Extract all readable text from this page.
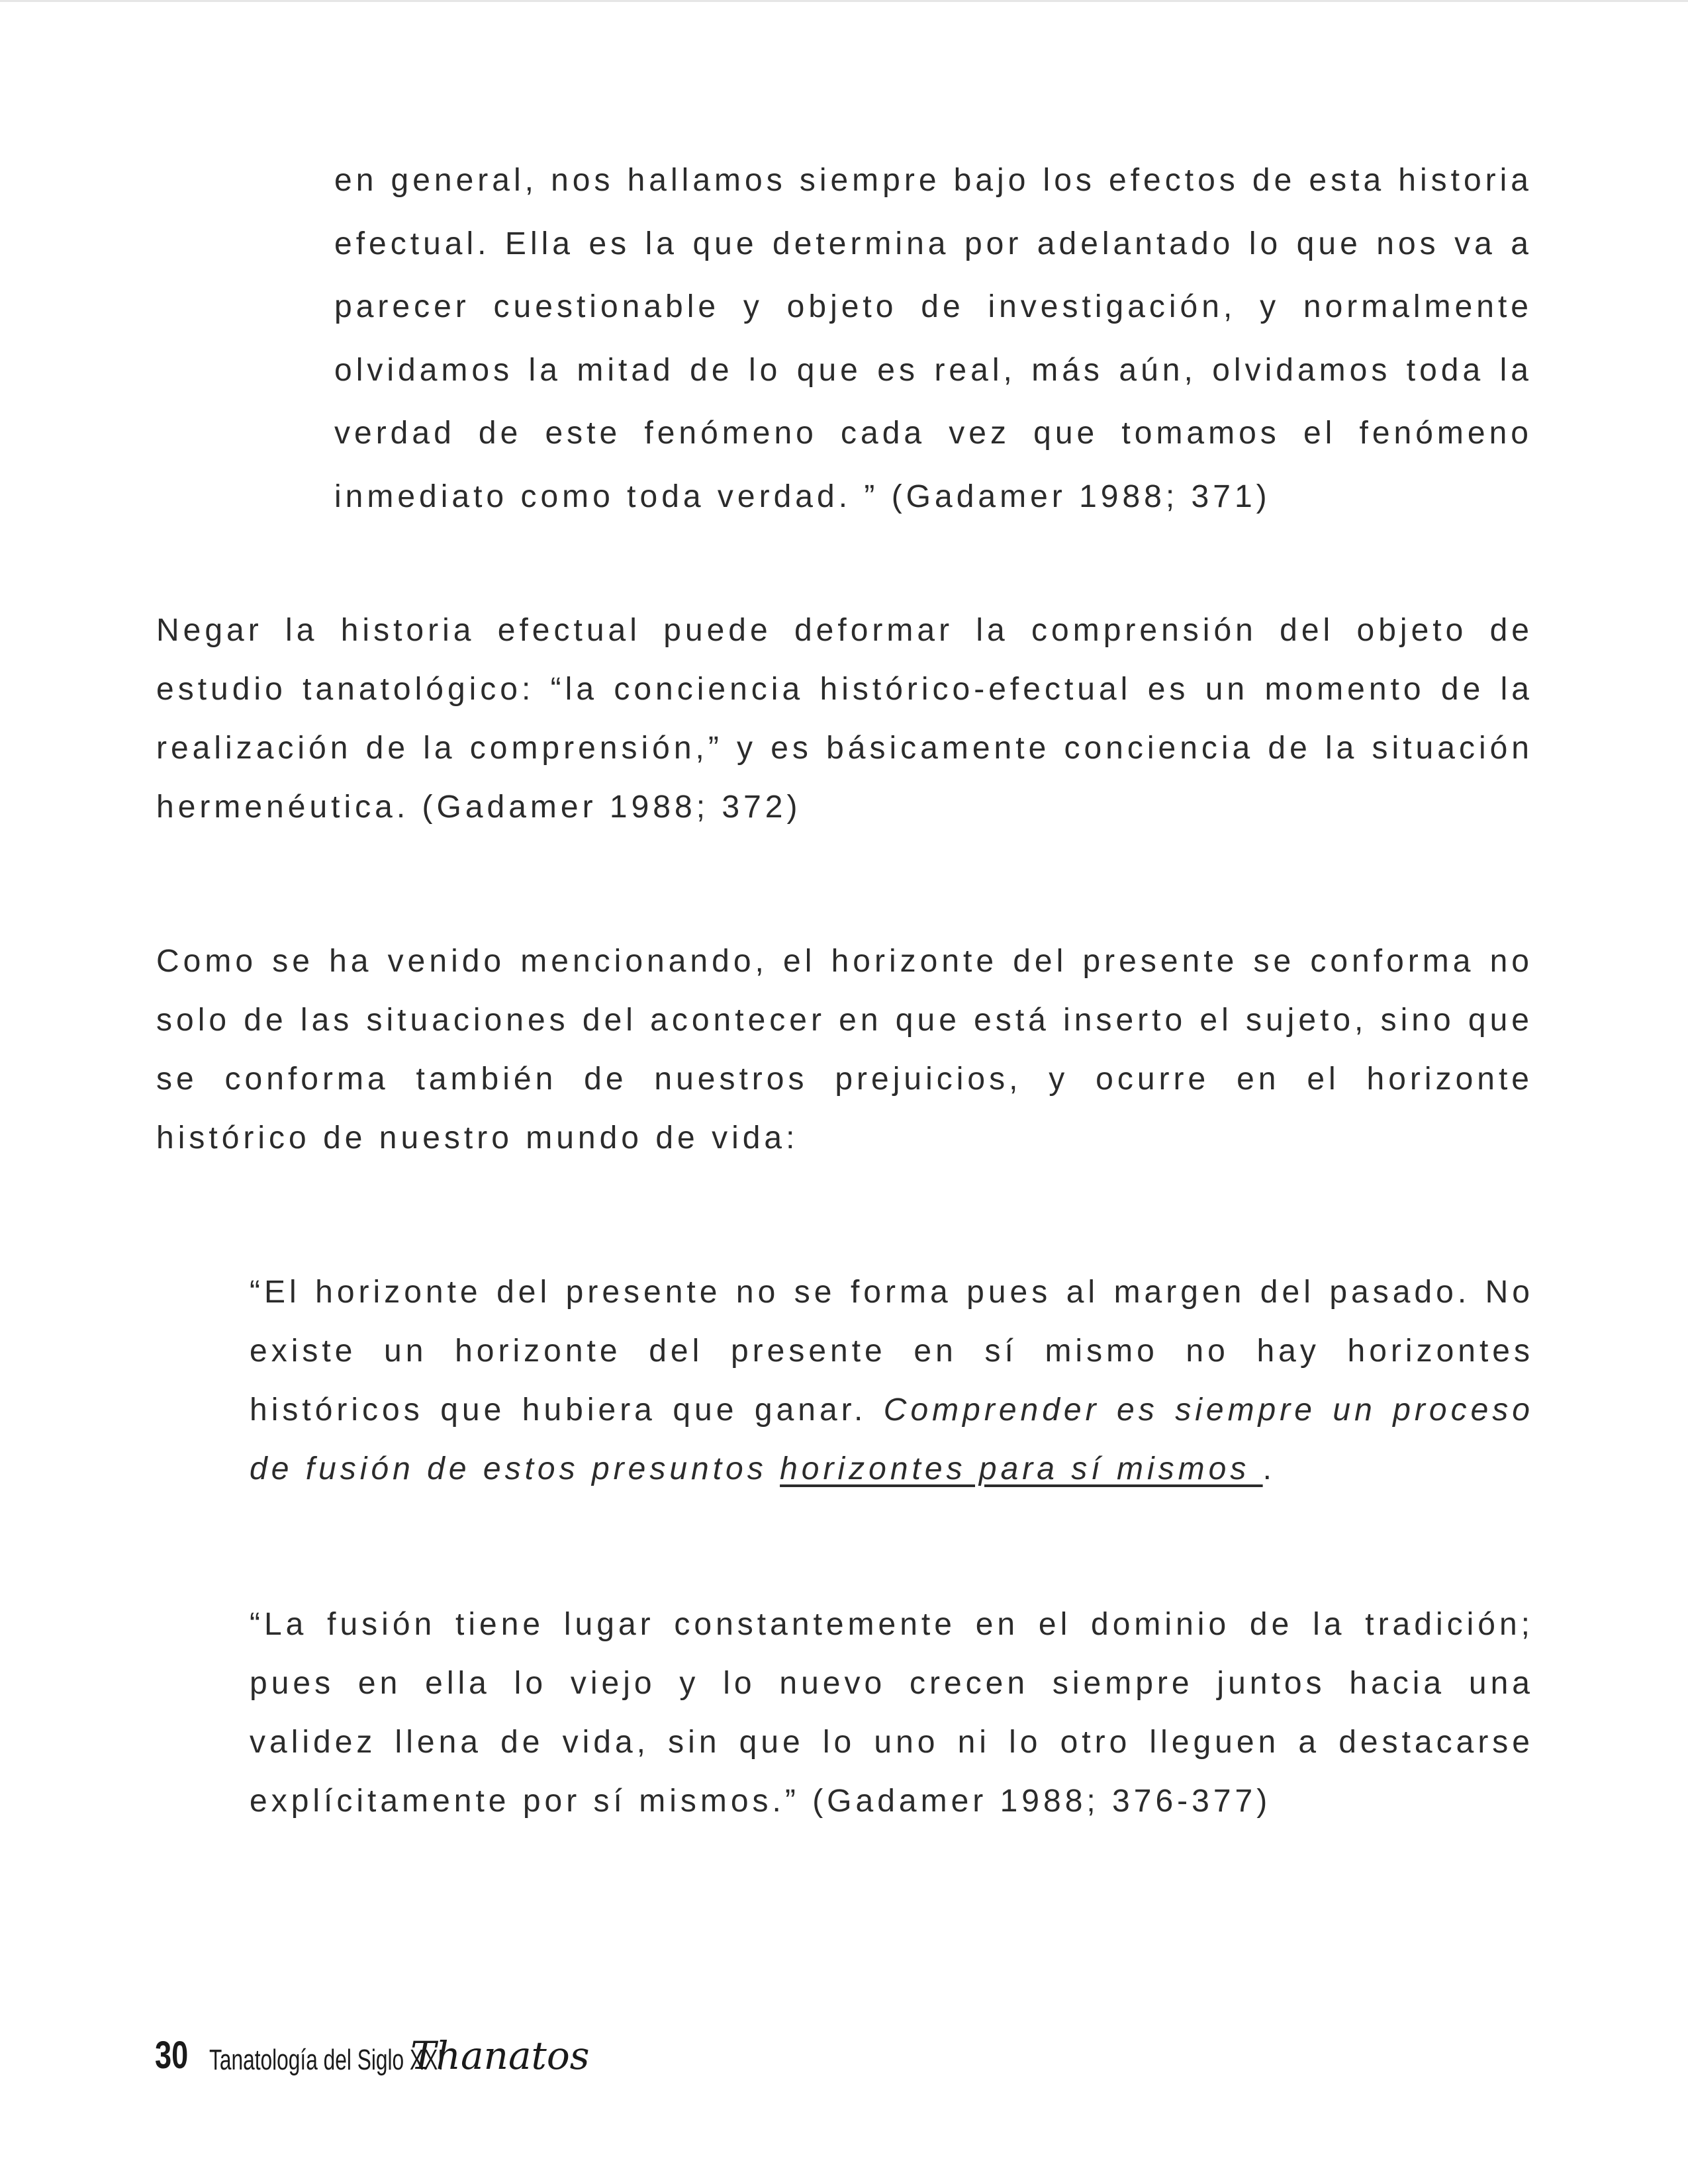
en general, nos hallamos siempre bajo los efectos de esta historia efectual. Ella es la que determina por adelantado lo que nos va a parecer cuestionable y objeto de investigación, y normalmente olvidamos la mitad de lo que es real, más aún, olvidamos toda la verdad de este fenómeno cada vez que tomamos el fenómeno inmediato como toda verdad. ” (Gadamer 1988; 371)

Negar la historia efectual puede deformar la comprensión del objeto de estudio tanatológico: “la conciencia histórico-efectual es un momento de la realización de la comprensión,” y es básicamente conciencia de la situación hermenéutica. (Gadamer 1988; 372)

Como se ha venido mencionando, el horizonte del presente se conforma no solo de las situaciones del acontecer en que está inserto el sujeto, sino que se conforma también de nuestros prejuicios, y ocurre en el horizonte histórico de nuestro mundo de vida:

“El horizonte del presente no se forma pues al margen del pasado. No existe un horizonte del presente en sí mismo no hay horizontes históricos que hubiera que ganar. Comprender es siempre un proceso de fusión de estos presuntos horizontes para sí mismos .

“La fusión tiene lugar constantemente en el dominio de la tradición; pues en ella lo viejo y lo nuevo crecen siempre juntos hacia una validez llena de vida, sin que lo uno ni lo otro lleguen a destacarse explícitamente por sí mismos.” (Gadamer 1988; 376-377)

30 Tanatología del Siglo XXI
Thanatos
